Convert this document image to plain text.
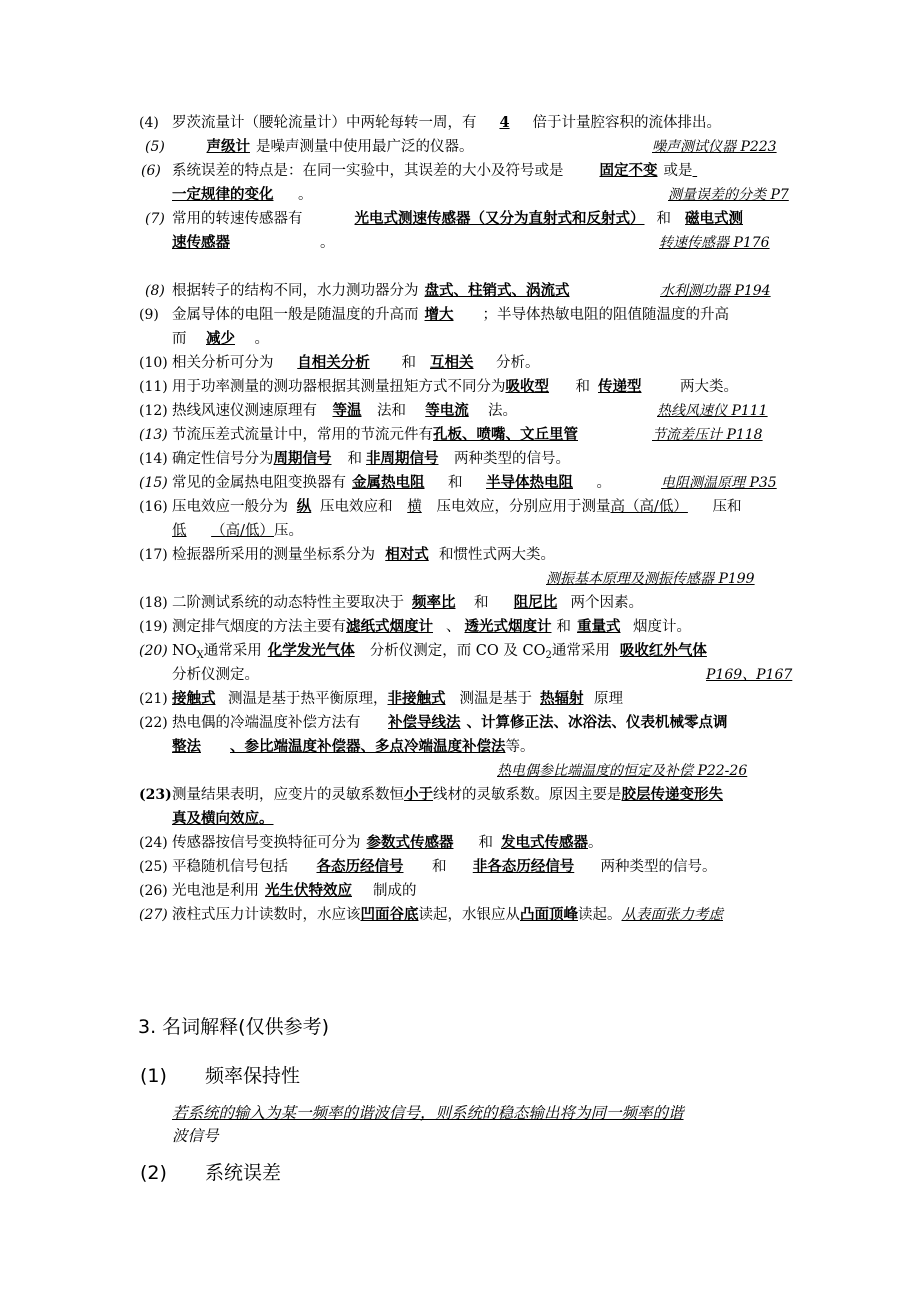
(4) 罗茨流量计（腰轮流量计）中两轮每转一周，有 4 倍于计量腔容积的流体排出。
(5)	声级计 是噪声测量中使用最广泛的仪器。	噪声测试仪器 P223
(6) 系统误差的特点是：在同一实验中，其误差的大小及符号或是 固定不变 或是
一定规律的变化 。	测量误差的分类 P7
(7) 常用的转速传感器有	光电式测速传感器（又分为直射式和反射式） 和 磁电式测
速传感器	。	转速传感器 P176
(8) 根据转子的结构不同，水力测功器分为 盘式、柱销式、涡流式	水利测功器 P194
(9) 金属导体的电阻一般是随温度的升高而 增大 ；半导体热敏电阻的阻值随温度的升高
而 减少 。
(10) 相关分析可分为 自相关分析 和 互相关 分析。
(11) 用于功率测量的测功器根据其测量扭矩方式不同分为吸收型 和 传递型	两大类。
(12) 热线风速仪测速原理有 等温 法和 等电流 法。	热线风速仪 P111
(13) 节流压差式流量计中，常用的节流元件有孔板、喷嘴、文丘里管	节流差压计 P118
(14) 确定性信号分为周期信号 和 非周期信号 两种类型的信号。
(15) 常见的金属热电阻变换器有 金属热电阻 和 半导体热电阻 。	电阻测温原理 P35
(16) 压电效应一般分为 纵 压电效应和 横 压电效应，分别应用于测量高（高/低） 压和
低 （高/低）压。
(17) 检振器所采用的测量坐标系分为 相对式 和惯性式两大类。
测振基本原理及测振传感器 P199
(18) 二阶测试系统的动态特性主要取决于 频率比 和 阻尼比 两个因素。
(19) 测定排气烟度的方法主要有滤纸式烟度计 、 透光式烟度计 和 重量式 烟度计。
(20) $NO_X$通常采用 化学发光气体 分析仪测定，而 CO 及 $CO_2$通常采用 吸收红外气体
分析仪测定。	P169、P167
(21) 接触式 测温是基于热平衡原理，非接触式 测温是基于 热辐射 原理
(22) 热电偶的冷端温度补偿方法有 补偿导线法 、计算修正法、冰浴法、仪表机械零点调
整法 、参比端温度补偿器、多点冷端温度补偿法等。
热电偶参比端温度的恒定及补偿 P22-26
(23) 测量结果表明，应变片的灵敏系数恒小于线材的灵敏系数。原因主要是胶层传递变形失
真及横向效应。
(24) 传感器按信号变换特征可分为 参数式传感器 和 发电式传感器。
(25) 平稳随机信号包括 各态历经信号 和 非各态历经信号 两种类型的信号。
(26) 光电池是利用 光生伏特效应 制成的
(27) 液柱式压力计读数时，水应该凹面谷底读起，水银应从凸面顶峰读起。从表面张力考虑
3. 名词解释(仅供参考)
(1) 频率保持性
若系统的输入为某一频率的谐波信号，则系统的稳态输出将为同一频率的谐
波信号
(2) 系统误差
